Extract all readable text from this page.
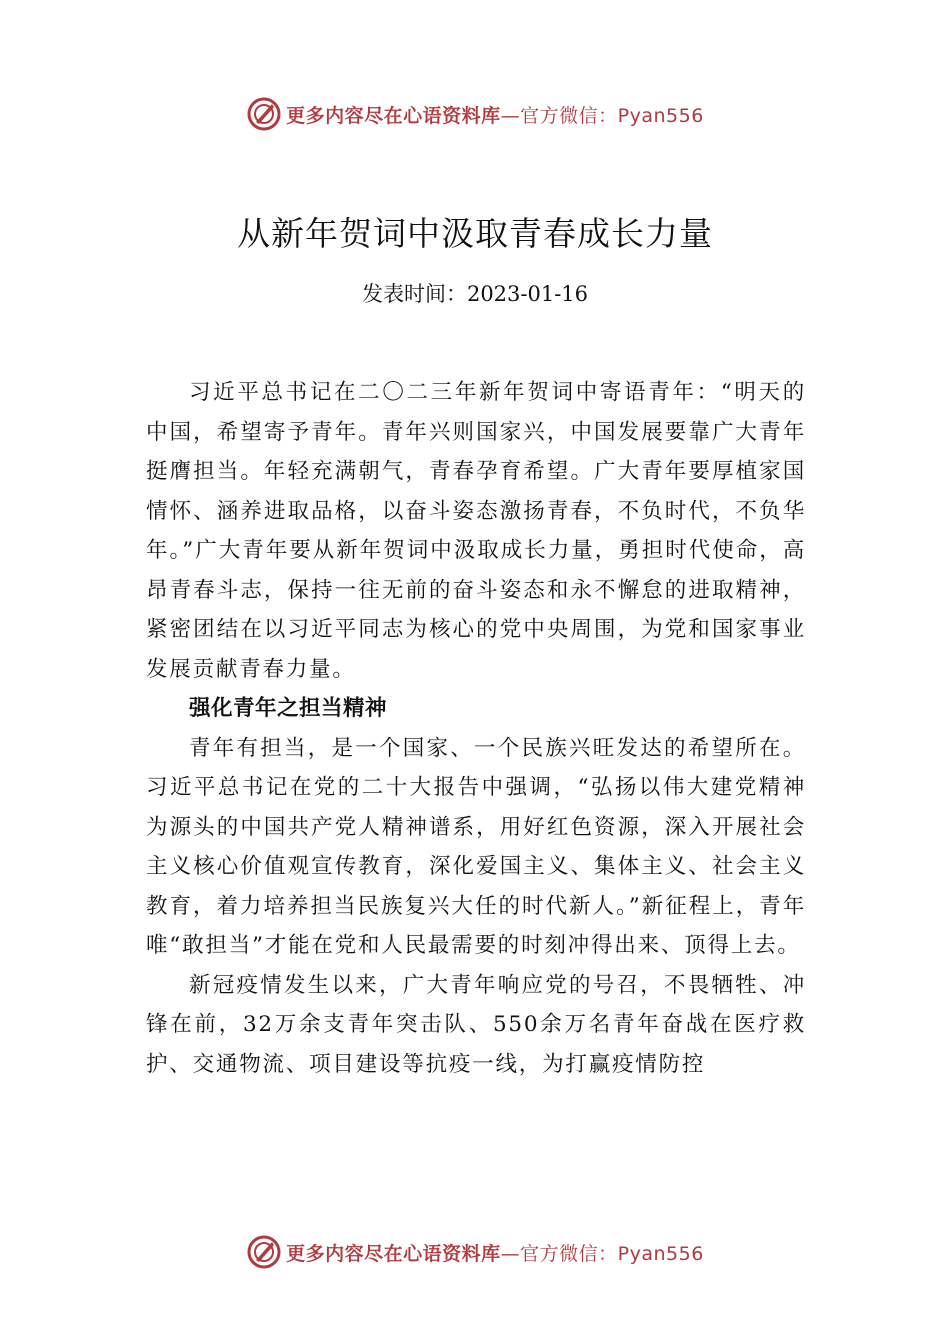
更多内容尽在心语资料库—官方微信：Pyan556
从新年贺词中汲取青春成长力量
发表时间：2023-01-16

习近平总书记在二〇二三年新年贺词中寄语青年：“明天的中国，希望寄予青年。青年兴则国家兴，中国发展要靠广大青年挺膺担当。年轻充满朝气，青春孕育希望。广大青年要厚植家国情怀、涵养进取品格，以奋斗姿态激扬青春，不负时代，不负华年。”广大青年要从新年贺词中汲取成长力量，勇担时代使命，高昂青春斗志，保持一往无前的奋斗姿态和永不懈怠的进取精神，紧密团结在以习近平同志为核心的党中央周围，为党和国家事业发展贡献青春力量。

强化青年之担当精神

青年有担当，是一个国家、一个民族兴旺发达的希望所在。习近平总书记在党的二十大报告中强调，“弘扬以伟大建党精神为源头的中国共产党人精神谱系，用好红色资源，深入开展社会主义核心价值观宣传教育，深化爱国主义、集体主义、社会主义教育，着力培养担当民族复兴大任的时代新人。”新征程上，青年唯“敢担当”才能在党和人民最需要的时刻冲得出来、顶得上去。

新冠疫情发生以来，广大青年响应党的号召，不畏牺牲、冲锋在前，32万余支青年突击队、550余万名青年奋战在医疗救护、交通物流、项目建设等抗疫一线，为打赢疫情防控

更多内容尽在心语资料库—官方微信：Pyan556
